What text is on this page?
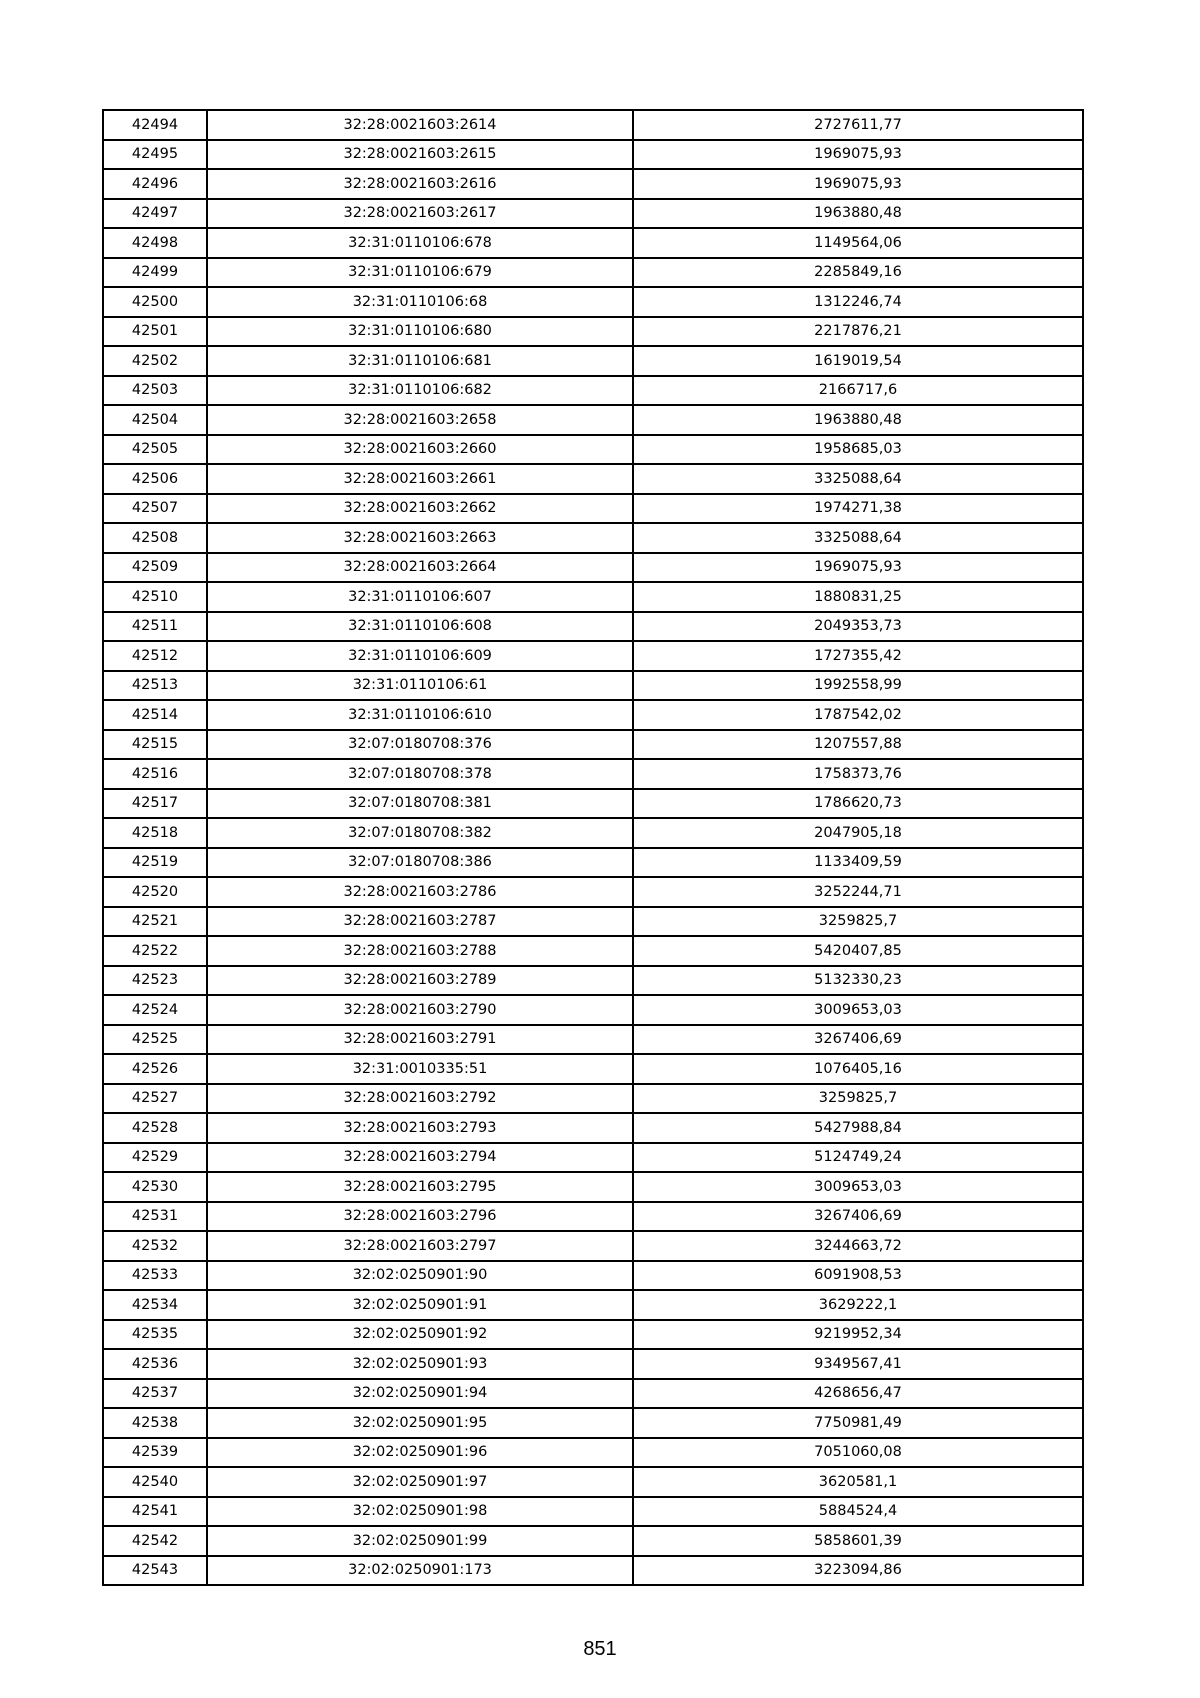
42494	32:28:0021603:2614	2727611,77
42495	32:28:0021603:2615	1969075,93
42496	32:28:0021603:2616	1969075,93
42497	32:28:0021603:2617	1963880,48
42498	32:31:0110106:678	1149564,06
42499	32:31:0110106:679	2285849,16
42500	32:31:0110106:68	1312246,74
42501	32:31:0110106:680	2217876,21
42502	32:31:0110106:681	1619019,54
42503	32:31:0110106:682	2166717,6
42504	32:28:0021603:2658	1963880,48
42505	32:28:0021603:2660	1958685,03
42506	32:28:0021603:2661	3325088,64
42507	32:28:0021603:2662	1974271,38
42508	32:28:0021603:2663	3325088,64
42509	32:28:0021603:2664	1969075,93
42510	32:31:0110106:607	1880831,25
42511	32:31:0110106:608	2049353,73
42512	32:31:0110106:609	1727355,42
42513	32:31:0110106:61	1992558,99
42514	32:31:0110106:610	1787542,02
42515	32:07:0180708:376	1207557,88
42516	32:07:0180708:378	1758373,76
42517	32:07:0180708:381	1786620,73
42518	32:07:0180708:382	2047905,18
42519	32:07:0180708:386	1133409,59
42520	32:28:0021603:2786	3252244,71
42521	32:28:0021603:2787	3259825,7
42522	32:28:0021603:2788	5420407,85
42523	32:28:0021603:2789	5132330,23
42524	32:28:0021603:2790	3009653,03
42525	32:28:0021603:2791	3267406,69
42526	32:31:0010335:51	1076405,16
42527	32:28:0021603:2792	3259825,7
42528	32:28:0021603:2793	5427988,84
42529	32:28:0021603:2794	5124749,24
42530	32:28:0021603:2795	3009653,03
42531	32:28:0021603:2796	3267406,69
42532	32:28:0021603:2797	3244663,72
42533	32:02:0250901:90	6091908,53
42534	32:02:0250901:91	3629222,1
42535	32:02:0250901:92	9219952,34
42536	32:02:0250901:93	9349567,41
42537	32:02:0250901:94	4268656,47
42538	32:02:0250901:95	7750981,49
42539	32:02:0250901:96	7051060,08
42540	32:02:0250901:97	3620581,1
42541	32:02:0250901:98	5884524,4
42542	32:02:0250901:99	5858601,39
42543	32:02:0250901:173	3223094,86
851
